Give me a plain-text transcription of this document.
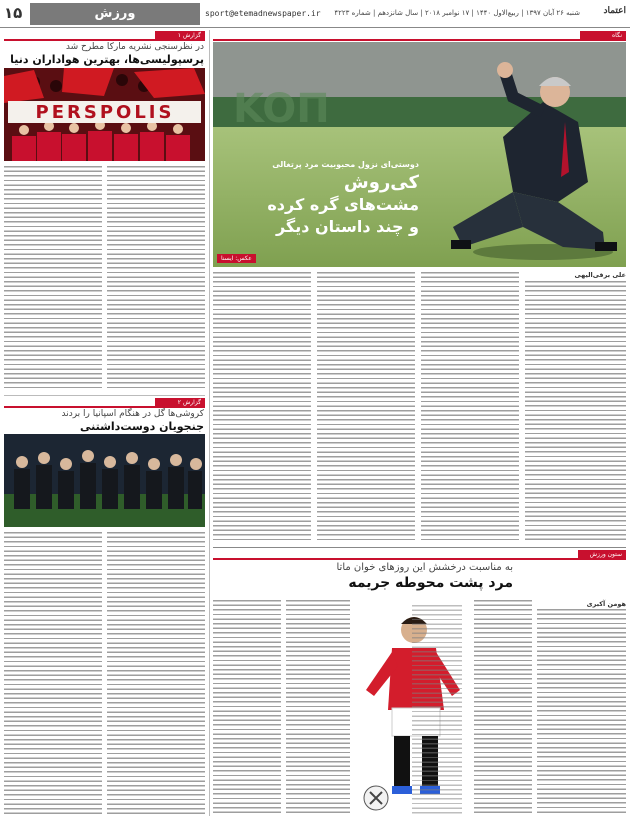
۱۵	ورزش	sport@etemadnewspaper.ir شنبه ۲۶ آبان ۱۳۹۷ | ربیع‌الاول ۱۴۴۰ | ۱۷ نوامبر ۲۰۱۸ | سال شانزدهم | شماره ۴۲۲۳	اعتماد
گزارش ۱
در نظرسنجی نشریه مارکا مطرح شد
پرسپولیسی‌ها، بهترین هواداران دنیا
PERSPOLIS
گزارش ۲
کروشی‌ها گل در هنگام اسپانیا را بردند
جنجویان دوست‌داشتنی
نگاه
KOΠ
دوستی‌ای نزول محبوبیت مرد پرتغالی
کی‌روش
مشت‌های گره کرده
و چند داستان دیگر
عکس: ایسنا
علی برقی‌الیهی
ستون ورزش
به مناسبت درخشش این روزهای خوان ماتا
مرد پشت محوطه جریمه
هومن آکبری
